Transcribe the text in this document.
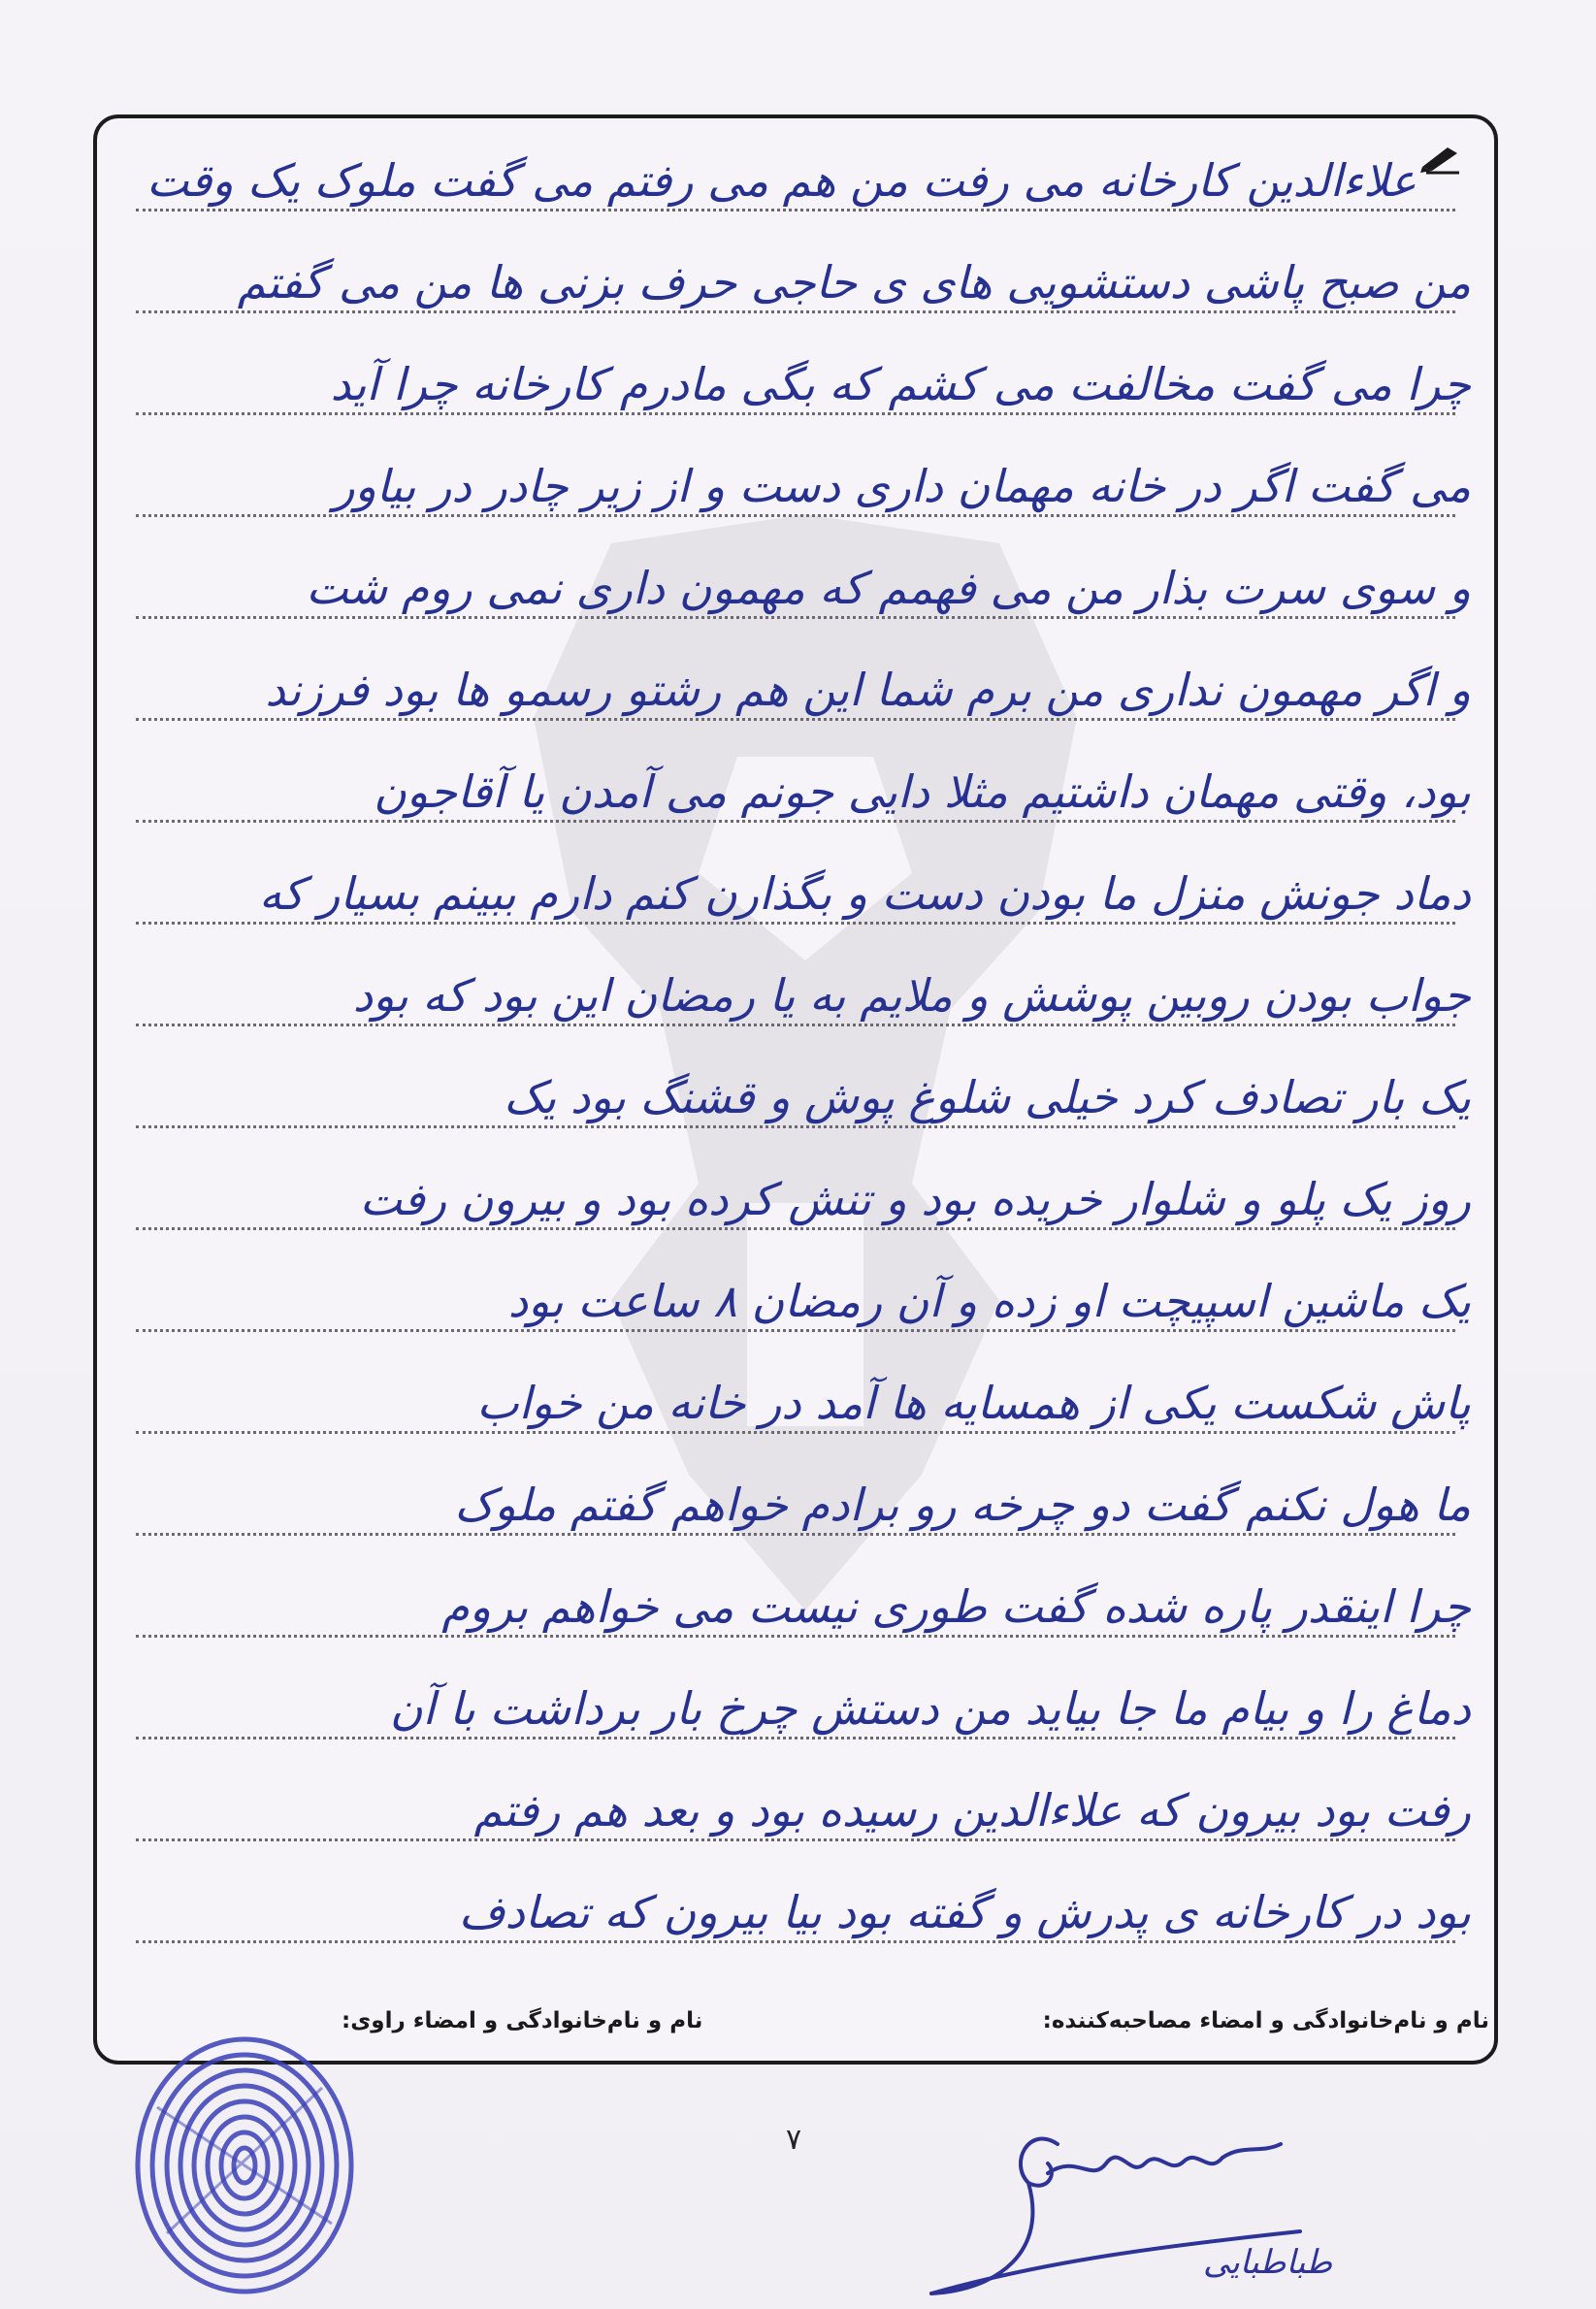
علاءالدین کارخانه می رفت من هم می رفتم می گفت ملوک یک وقت
من صبح پاشی دستشویی های ی حاجی حرف بزنی ها من می گفتم
چرا می گفت مخالفت می کشم که بگی مادرم کارخانه چرا آید
می گفت اگر در خانه مهمان داری دست و از زیر چادر در بیاور
و سوی سرت بذار من می فهمم که مهمون داری نمی روم شت
و اگر مهمون نداری من برم شما این هم رشتو رسمو ها بود فرزند
بود، وقتی مهمان داشتیم مثلا دایی جونم می آمدن یا آقاجون
دماد جونش منزل ما بودن دست و بگذارن کنم دارم ببینم بسیار که
جواب بودن روبین پوشش و ملایم به یا رمضان این بود که بود
یک بار تصادف کرد خیلی شلوغ پوش و قشنگ بود یک
روز یک پلو و شلوار خریده بود و تنش کرده بود و بیرون رفت
یک ماشین اسپیچت او زده و آن رمضان ۸ ساعت بود
پاش شکست یکی از همسایه ها آمد در خانه من خواب
ما هول نکنم گفت دو چرخه رو برادم خواهم گفتم ملوک
چرا اینقدر پاره شده گفت طوری نیست می خواهم بروم
دماغ را و بیام ما جا بیاید من دستش چرخ بار برداشت با آن
رفت بود بیرون که علاءالدین رسیده بود و بعد هم رفتم
بود در کارخانه ی پدرش و گفته بود بیا بیرون که تصادف
نام و نام‌خانوادگی و امضاء مصاحبه‌کننده:
نام و نام‌خانوادگی و امضاء راوی:
۷
طباطبایی
